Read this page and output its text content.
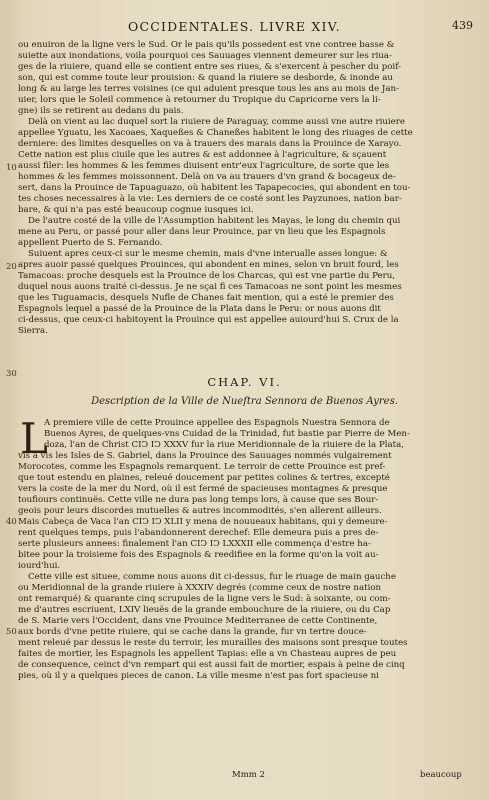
OCCIDENTALES. LIVRE XIV.	439
10
20
30
40
50
ou enuiron de la ligne vers le Sud. Or le pais qu'ils possedent est vne contree basse &
suiette aux inondations, voila pourquoi ces Sauuages viennent demeurer sur les riua-
ges de la riuiere, quand elle se contient entre ses riues, & s'exercent à pescher du poif-
son, qui est comme toute leur prouision: & quand la riuiere se desborde, & inonde au
long & au large les terres voisines (ce qui aduient presque tous les ans au mois de Jan-
uier, lors que le Soleil commence à retourner du Tropique du Capricorne vers la li-
gne) ils se retirent au dedans du pais.
Delà on vient au lac duquel sort la riuiere de Paraguay, comme aussi vne autre riuiere
appellee Yguatu, les Xacoaes, Xaqueßes & Chaneßes habitent le long des riuages de cette
derniere: des limites desquelles on va à trauers des marais dans la Prouince de Xarayo.
Cette nation est plus ciuile que les autres & est addonnee à l'agriculture, & sçauent
aussi filer: les hommes & les femmes diuisent entr'eux l'agriculture, de sorte que les
hommes & les femmes moissonnent. Delà on va au trauers d'vn grand & bocageux de-
sert, dans la Prouince de Tapuaguazo, où habitent les Tapapecocies, qui abondent en tou-
tes choses necessaires à la vie: Les derniers de ce costé sont les Payzunoes, nation bar-
bare, & qui n'a pas esté beaucoup cognue iusques ici.
De l'autre costé de la ville de l'Assumption habitent les Mayas, le long du chemin qui
mene au Peru, or passé pour aller dans leur Prouince, par vn lieu que les Espagnols
appellent Puerto de S. Fernando.
Suiuent apres ceux-ci sur le mesme chemin, mais d'vne interualle asses longue: &
apres auoir passé quelques Prouinces, qui abondent en mines, selon vn bruit fourd, les
Tamacoas: proche desquels est la Prouince de los Charcas, qui est vne partie du Peru,
duquel nous auons traité ci-dessus. Je ne sçai fi ces Tamacoas ne sont point les mesmes
que les Tuguamacis, desquels Nufle de Chanes fait mention, qui a esté le premier des
Espagnols lequel a passé de la Prouince de la Plata dans le Peru: or nous auons dit
ci-dessus, que ceux-ci habitoyent la Prouince qui est appellee auiourd'hui S. Crux de la
Sierra.
CHAP. VI.
Description de la Ville de Nueſtra Sennora de Buenos Ayres.
L
A premiere ville de cette Prouince appellee des Espagnols Nuestra Sennora de
Buenos Ayres, de quelques-vns Cuidad de la Trinidad, fut bastie par Pierre de Men-
doza, l'an de Christ CIↃ IↃ XXXV fur la riue Meridionnale de la riuiere de la Plata,
vis à vis les Isles de S. Gabriel, dans la Prouince des Sauuages nommés vulgairement
Morocotes, comme les Espagnols remarquent. Le terroir de cette Prouince est pref-
que tout estendu en plaines, releué doucement par petites colines & tertres, excepté
vers la coste de la mer du Nord, où il est fermé de spacieuses montagnes & presque
toufiours continuës. Cette ville ne dura pas long temps lors, à cause que ses Bour-
geois pour leurs discordes mutuelles & autres incommodités, s'en allerent ailleurs.
Mais Cabeça de Vaca l'an CIↃ IↃ XLII y mena de nouueaux habitans, qui y demeure-
rent quelques temps, puis l'abandonnerent derechef: Elle demeura puis a pres de-
serte plusieurs annees: finalement l'an CIↃ IↃ LXXXII elle commença d'estre ha-
bitee pour la troisieme fois des Espagnols & reedifiee en la forme qu'on la voit au-
iourd'hui.
Cette ville est situee, comme nous auons dit ci-dessus, fur le riuage de main gauche
ou Meridionnal de la grande riuiere à XXXIV degrés (comme ceux de nostre nation
ont remarqué) & quarante cinq scrupules de la ligne vers le Sud: à soixante, ou com-
me d'autres escriuent, LXIV lieuës de la grande embouchure de la riuiere, ou du Cap
de S. Marie vers l'Occident, dans vne Prouince Mediterranee de cette Continente,
aux bords d'vne petite riuiere, qui se cache dans la grande, fur vn tertre douce-
ment releué par dessus le reste du terroir, les murailles des maisons sont presque toutes
faites de mortier, les Espagnols les appellent Tapias: elle a vn Chasteau aupres de peu
de consequence, ceinct d'vn rempart qui est aussi fait de mortier, espais à peine de cinq
pies, où il y a quelques pieces de canon. La ville mesme n'est pas fort spacieuse ni
Mmm 2	beaucoup
